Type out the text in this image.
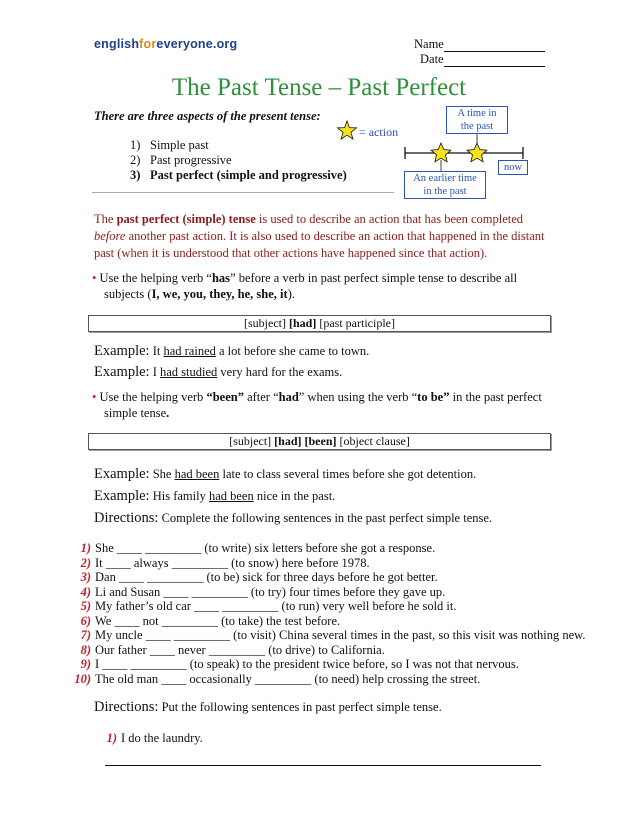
englishforeveryone.org	Name
Date
The Past Tense – Past Perfect
There are three aspects of the present tense:
1) Simple past
2) Past progressive
3) Past perfect (simple and progressive)
= action
A time in
the past
now
An earlier time
in the past
The past perfect (simple) tense is used to describe an action that has been completed before another past action. It is also used to describe an action that happened in the distant past (when it is understood that other actions have happened since that action).
• Use the helping verb “has” before a verb in past perfect simple tense to describe all subjects (I, we, you, they, he, she, it).
[subject] [had] [past participle]
Example: It had rained a lot before she came to town.
Example: I had studied very hard for the exams.
• Use the helping verb “been” after “had” when using the verb “to be” in the past perfect simple tense.
[subject] [had] [been] [object clause]
Example: She had been late to class several times before she got detention.
Example: His family had been nice in the past.
Directions: Complete the following sentences in the past perfect simple tense.
1) She ____ _________ (to write) six letters before she got a response.
2) It ____ always _________ (to snow) here before 1978.
3) Dan ____ _________ (to be) sick for three days before he got better.
4) Li and Susan ____ _________ (to try) four times before they gave up.
5) My father’s old car ____ _________ (to run) very well before he sold it.
6) We ____ not _________ (to take) the test before.
7) My uncle ____ _________ (to visit) China several times in the past, so this visit was nothing new.
8) Our father ____ never _________ (to drive) to California.
9) I ____ _________ (to speak) to the president twice before, so I was not that nervous.
10) The old man ____ occasionally _________ (to need) help crossing the street.
Directions: Put the following sentences in past perfect simple tense.
1) I do the laundry.
